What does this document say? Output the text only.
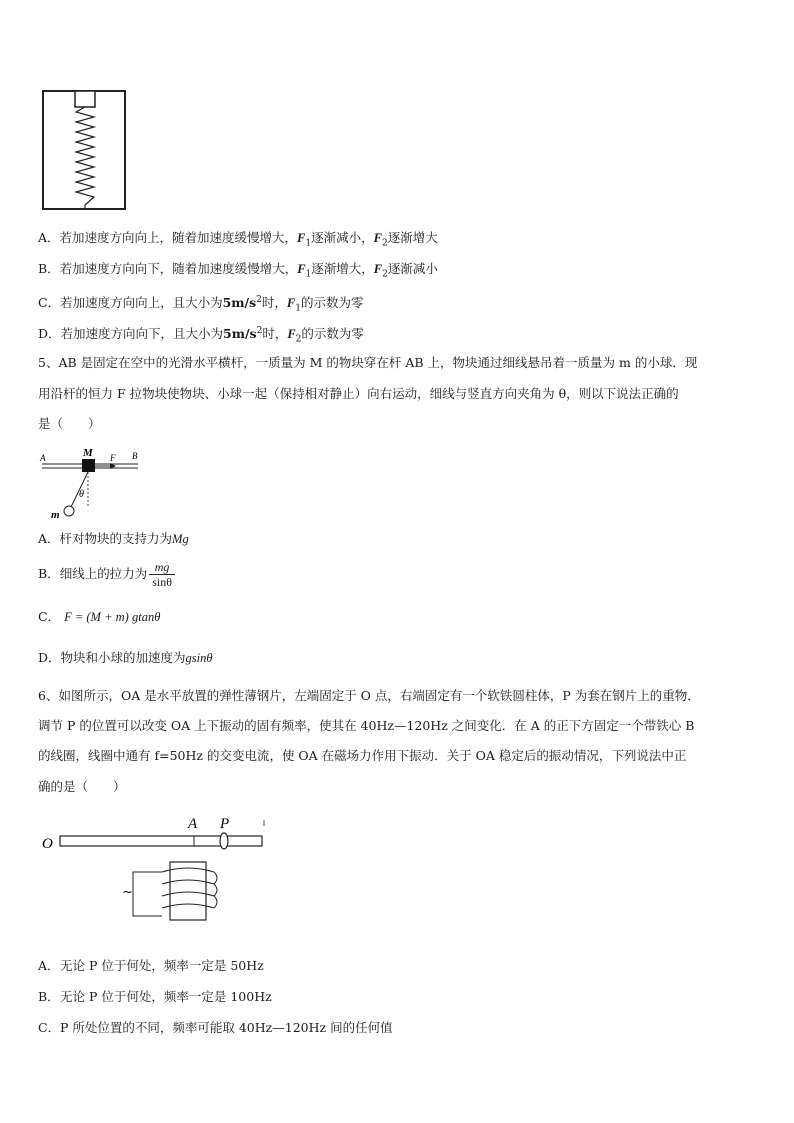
A．若加速度方向向上，随着加速度缓慢增大，$F_1$逐渐减小，$F_2$逐渐增大
B．若加速度方向向下，随着加速度缓慢增大，$F_1$逐渐增大，$F_2$逐渐减小
C．若加速度方向向上，且大小为$5m/s^2$时，$F_1$的示数为零
D．若加速度方向向下，且大小为$5m/s^2$时，$F_2$的示数为零
5、AB 是固定在空中的光滑水平横杆，一质量为 M 的物块穿在杆 AB 上，物块通过细线悬吊着一质量为 m 的小球．现
用沿杆的恒力 F 拉物块使物块、小球一起（保持相对静止）向右运动，细线与竖直方向夹角为 θ，则以下说法正确的
是（　　）
A	M F B
θ
m
A．杆对物块的支持力为Mg
B．细线上的拉力为 $\frac{mg}{\sin\theta}$
C． F = (M + m) gtanθ
D．物块和小球的加速度为gsinθ
6、如图所示，OA 是水平放置的弹性薄钢片，左端固定于 O 点，右端固定有一个软铁圆柱体，P 为套在钢片上的重物．
调节 P 的位置可以改变 OA 上下振动的固有频率，使其在 40Hz—120Hz 之间变化．在 A 的正下方固定一个带铁心 B
的线圈，线圈中通有 f=50Hz 的交变电流，使 OA 在磁场力作用下振动．关于 OA 稳定后的振动情况，下列说法中正
确的是（　　）
O
A P
~
A． 无论 P 位于何处，频率一定是 50Hz
B． 无论 P 位于何处，频率一定是 100Hz
C． P 所处位置的不同，频率可能取 40Hz—120Hz 间的任何值
